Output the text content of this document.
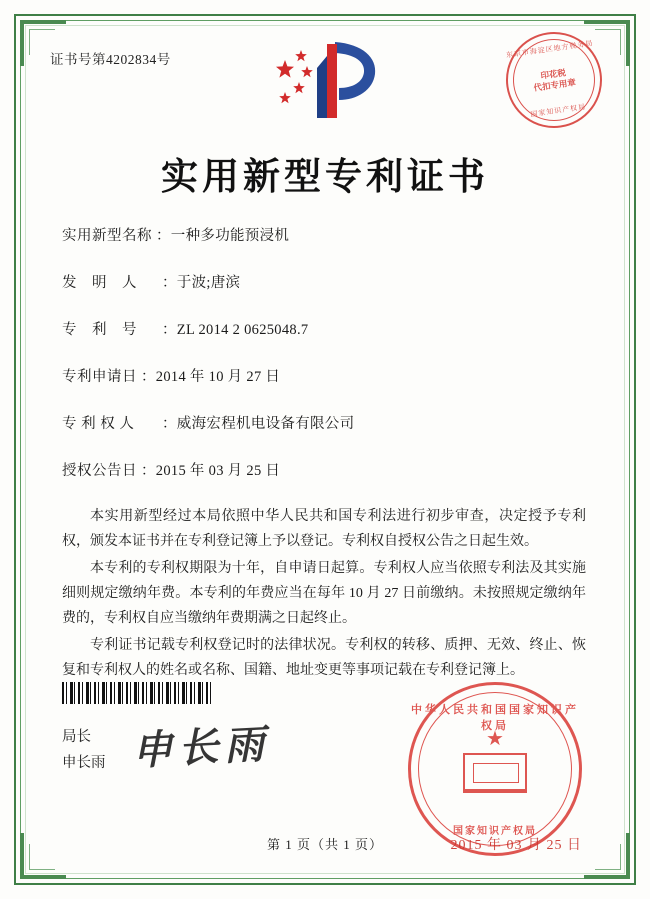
证书号第4202834号
东京市海淀区地方税务局
印花税
代扣专用章
国家知识产权局
实用新型专利证书
实用新型名称 ：一种多功能预浸机
发　明　人	：于波;唐滨
专　利　号	：ZL 2014 2 0625048.7
专利申请日 ：2014 年 10 月 27 日
专 利 权 人	：威海宏程机电设备有限公司
授权公告日 ：2015 年 03 月 25 日

本实用新型经过本局依照中华人民共和国专利法进行初步审查，决定授予专利权，颁发本证书并在专利登记簿上予以登记。专利权自授权公告之日起生效。

本专利的专利权期限为十年，自申请日起算。专利权人应当依照专利法及其实施细则规定缴纳年费。本专利的年费应当在每年 10 月 27 日前缴纳。未按照规定缴纳年费的，专利权自应当缴纳年费期满之日起终止。

专利证书记载专利权登记时的法律状况。专利权的转移、质押、无效、终止、恢复和专利权人的姓名或名称、国籍、地址变更等事项记载在专利登记簿上。

局长
申长雨 申长雨
中华人民共和国国家知识产权局
★
国家知识产权局
2015 年 03 月 25 日
第 1 页（共 1 页）
